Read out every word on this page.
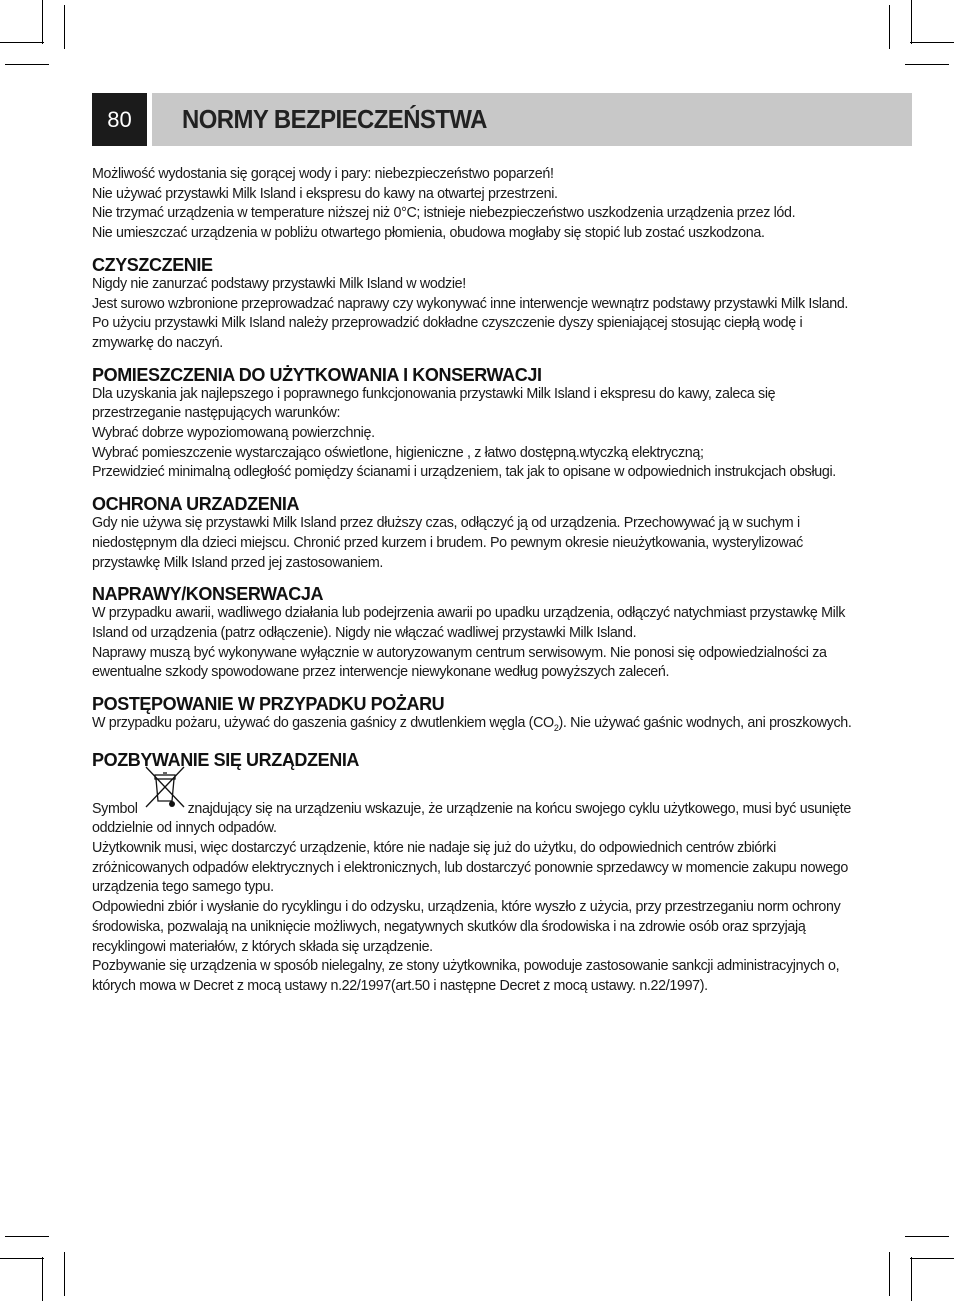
80	NORMY BEZPIECZEŃSTWA

Możliwość wydostania się gorącej wody i pary: niebezpieczeństwo poparzeń!

Nie używać przystawki Milk Island i ekspresu do kawy na otwartej przestrzeni.

Nie trzymać urządzenia w temperature niższej niż 0°C; istnieje niebezpieczeństwo uszkodzenia urządzenia przez lód.

Nie umieszczać urządzenia w pobliżu otwartego płomienia, obudowa mogłaby się stopić lub zostać uszkodzona.

CZYSZCZENIE

Nigdy nie zanurzać podstawy przystawki Milk Island w wodzie!

Jest surowo wzbronione przeprowadzać naprawy czy wykonywać inne interwencje wewnątrz podstawy przystawki Milk Island.

Po użyciu przystawki Milk Island należy przeprowadzić dokładne czyszczenie dyszy spieniającej stosując ciepłą wodę i zmywarkę do naczyń.

POMIESZCZENIA DO UŻYTKOWANIA I KONSERWACJI

Dla uzyskania jak najlepszego i poprawnego funkcjonowania przystawki Milk Island i ekspresu do kawy, zaleca się przestrzeganie następujących warunków:

Wybrać dobrze wypoziomowaną powierzchnię.

Wybrać pomieszczenie wystarczająco oświetlone, higieniczne , z łatwo dostępną.wtyczką elektryczną;

Przewidzieć minimalną odległość pomiędzy ścianami i urządzeniem, tak jak to opisane w odpowiednich instrukcjach obsługi.

OCHRONA URZADZENIA

Gdy nie używa się przystawki Milk Island przez dłuższy czas, odłączyć ją od urządzenia. Przechowywać ją w suchym i niedostępnym dla dzieci miejscu. Chronić przed kurzem i brudem. Po pewnym okresie nieużytkowania, wysterylizować przystawkę Milk Island przed jej zastosowaniem.

NAPRAWY/KONSERWACJA

W przypadku awarii, wadliwego działania lub podejrzenia awarii po upadku urządzenia, odłączyć natychmiast przystawkę Milk Island od urządzenia (patrz odłączenie). Nigdy nie włączać wadliwej przystawki Milk Island.

Naprawy muszą być wykonywane wyłącznie w autoryzowanym centrum serwisowym. Nie ponosi się odpowiedzialności za ewentualne szkody spowodowane przez interwencje niewykonane według powyższych zaleceń.

POSTĘPOWANIE W PRZYPADKU POŻARU

W przypadku pożaru, używać do gaszenia gaśnicy z dwutlenkiem węgla $(CO_2)$. Nie używać gaśnic wodnych, ani proszkowych.

POZBYWANIE SIĘ URZĄDZENIA

Symbol	znajdujący się na urządzeniu wskazuje, że urządzenie na końcu swojego cyklu użytkowego, musi być usunięte oddzielnie od innych odpadów.

Użytkownik musi, więc dostarczyć urządzenie, które nie nadaje się już do użytku, do odpowiednich centrów zbiórki zróżnicowanych odpadów elektrycznych i elektronicznych, lub dostarczyć ponownie sprzedawcy w momencie zakupu nowego urządzenia tego samego typu.

Odpowiedni zbiór i wysłanie do rycyklingu i do odzysku, urządzenia, które wyszło z użycia, przy przestrzeganiu norm ochrony środowiska, pozwalają na uniknięcie możliwych, negatywnych skutków dla środowiska i na zdrowie osób oraz sprzyjają recyklingowi materiałów, z których składa się urządzenie.

Pozbywanie się urządzenia w sposób nielegalny, ze stony użytkownika, powoduje zastosowanie sankcji administracyjnych o, których mowa w Decret z mocą ustawy n.22/1997(art.50 i następne Decret z mocą ustawy. n.22/1997).
